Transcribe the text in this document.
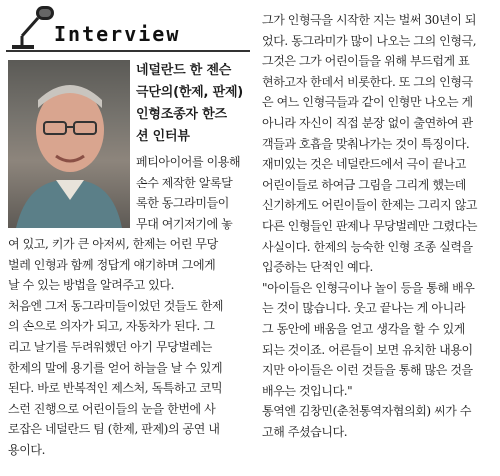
Interview
네덜란드 한 젠슨
극단의(한제, 판제)
인형조종자 한즈
션 인터뷰
페티아이어를 이용해
손수 제작한 알록달
록한 동그라미들이
무대 여기저기에 놓
여 있고, 키가 큰 아저씨, 한제는 어린 무당
벌레 인형과 함께 정답게 얘기하며 그에게
날 수 있는 방법을 알려주고 있다.
처음엔 그저 동그라미들이었던 것들도 한제
의 손으로 의자가 되고, 자동차가 된다. 그
리고 날기를 두려워했던 아기 무당벌레는
한제의 말에 용기를 얻어 하늘을 날 수 있게
된다. 바로 반복적인 제스처, 독특하고 코믹
스런 진행으로 어린이들의 눈을 한번에 사
로잡은 네덜란드 팀 (한제, 판제)의 공연 내
용이다.
그가 인형극을 시작한 지는 벌써 30년이 되
었다. 동그라미가 많이 나오는 그의 인형극,
그것은 그가 어린이들을 위해 부드럽게 표
현하고자 한데서 비롯한다. 또 그의 인형극
은 여느 인형극들과 같이 인형만 나오는 게
아니라 자신이 직접 분장 없이 출연하여 관
객들과 호흡을 맞춰나가는 것이 특징이다.
재미있는 것은 네덜란드에서 극이 끝나고
어린이들로 하여금 그림을 그리게 했는데
신기하게도 어린이들이 한제는 그리지 않고
다른 인형들인 판제나 무당벌레만 그렸다는
사실이다. 한제의 능숙한 인형 조종 실력을
입증하는 단적인 예다.
"아이들은 인형극이나 놀이 등을 통해 배우
는 것이 많습니다. 웃고 끝나는 게 아니라
그 동안에 배움을 얻고 생각을 할 수 있게
되는 것이죠. 어른들이 보면 유치한 내용이
지만 아이들은 이런 것들을 통해 많은 것을
배우는 것입니다."
통역엔 김창민(춘천통역자협의회) 씨가 수
고해 주셨습니다.
